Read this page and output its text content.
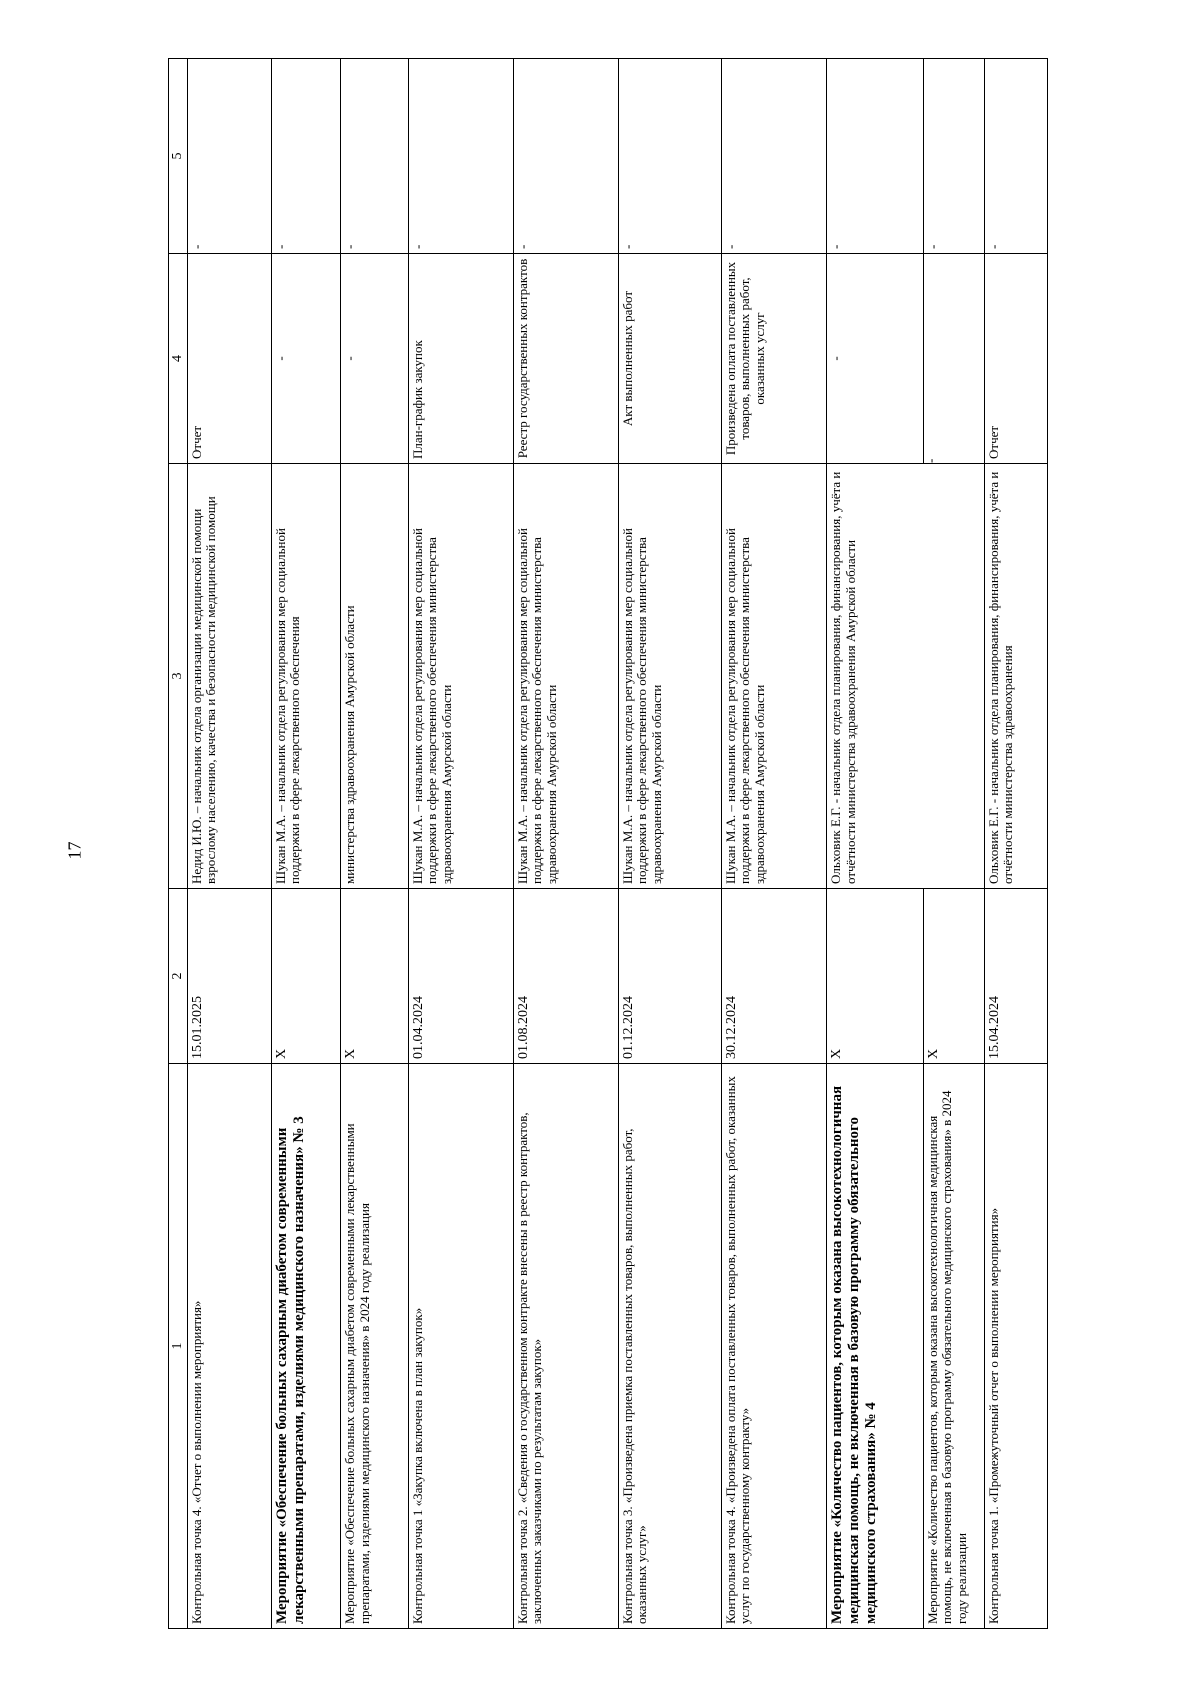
17
1	2	3	4	5
Контрольная точка 4. «Отчет о выполнении мероприятия»	15.01.2025	Недид И.Ю. – начальник отдела организации медицинской помощи взрослому населению, качества и безопасности медицинской помощи	Отчет	-
Мероприятие «Обеспечение больных сахарным диабетом современными лекарственными препаратами, изделиями медицинского назначения» № 3	Х	Шукан М.А. – начальник отдела регулирования мер социальной поддержки в сфере лекарственного обеспечения	-	-
Мероприятие «Обеспечение больных сахарным диабетом современными лекарственными препаратами, изделиями медицинского назначения» в 2024 году реализация	Х	министерства здравоохранения Амурской области	-	-
Контрольная точка 1 «Закупка включена в план закупок»	01.04.2024	Шукан М.А. – начальник отдела регулирования мер социальной поддержки в сфере лекарственного обеспечения министерства здравоохранения Амурской области	План-график закупок	-
Контрольная точка 2. «Сведения о государственном контракте внесены в реестр контрактов, заключенных заказчиками по результатам закупок»	01.08.2024	Шукан М.А. – начальник отдела регулирования мер социальной поддержки в сфере лекарственного обеспечения министерства здравоохранения Амурской области	Реестр государственных контрактов	-
Контрольная точка 3. «Произведена приемка поставленных товаров, выполненных работ, оказанных услуг»	01.12.2024	Шукан М.А. – начальник отдела регулирования мер социальной поддержки в сфере лекарственного обеспечения министерства здравоохранения Амурской области	Акт выполненных работ	-
Контрольная точка 4. «Произведена оплата поставленных товаров, выполненных работ, оказанных услуг по государственному контракту»	30.12.2024	Шукан М.А. – начальник отдела регулирования мер социальной поддержки в сфере лекарственного обеспечения министерства здравоохранения Амурской области	Произведена оплата поставленных товаров, выполненных работ, оказанных услуг	-
Мероприятие «Количество пациентов, которым оказана высокотехнологичная медицинская помощь, не включенная в базовую программу обязательного медицинского страхования» № 4	Х	Ольховик Е.Г. - начальник отдела планирования, финансирования, учёта и отчётности министерства здравоохранения Амурской области	-	-
Мероприятие «Количество пациентов, которым оказана высокотехнологичная медицинская помощь, не включенная в базовую программу обязательного медицинского страхования» в 2024 году реализации	Х		-	-
Контрольная точка 1. «Промежуточный отчет о выполнении мероприятия»	15.04.2024	Ольховик Е.Г. - начальник отдела планирования, финансирования, учёта и отчётности министерства здравоохранения	Отчет	-
